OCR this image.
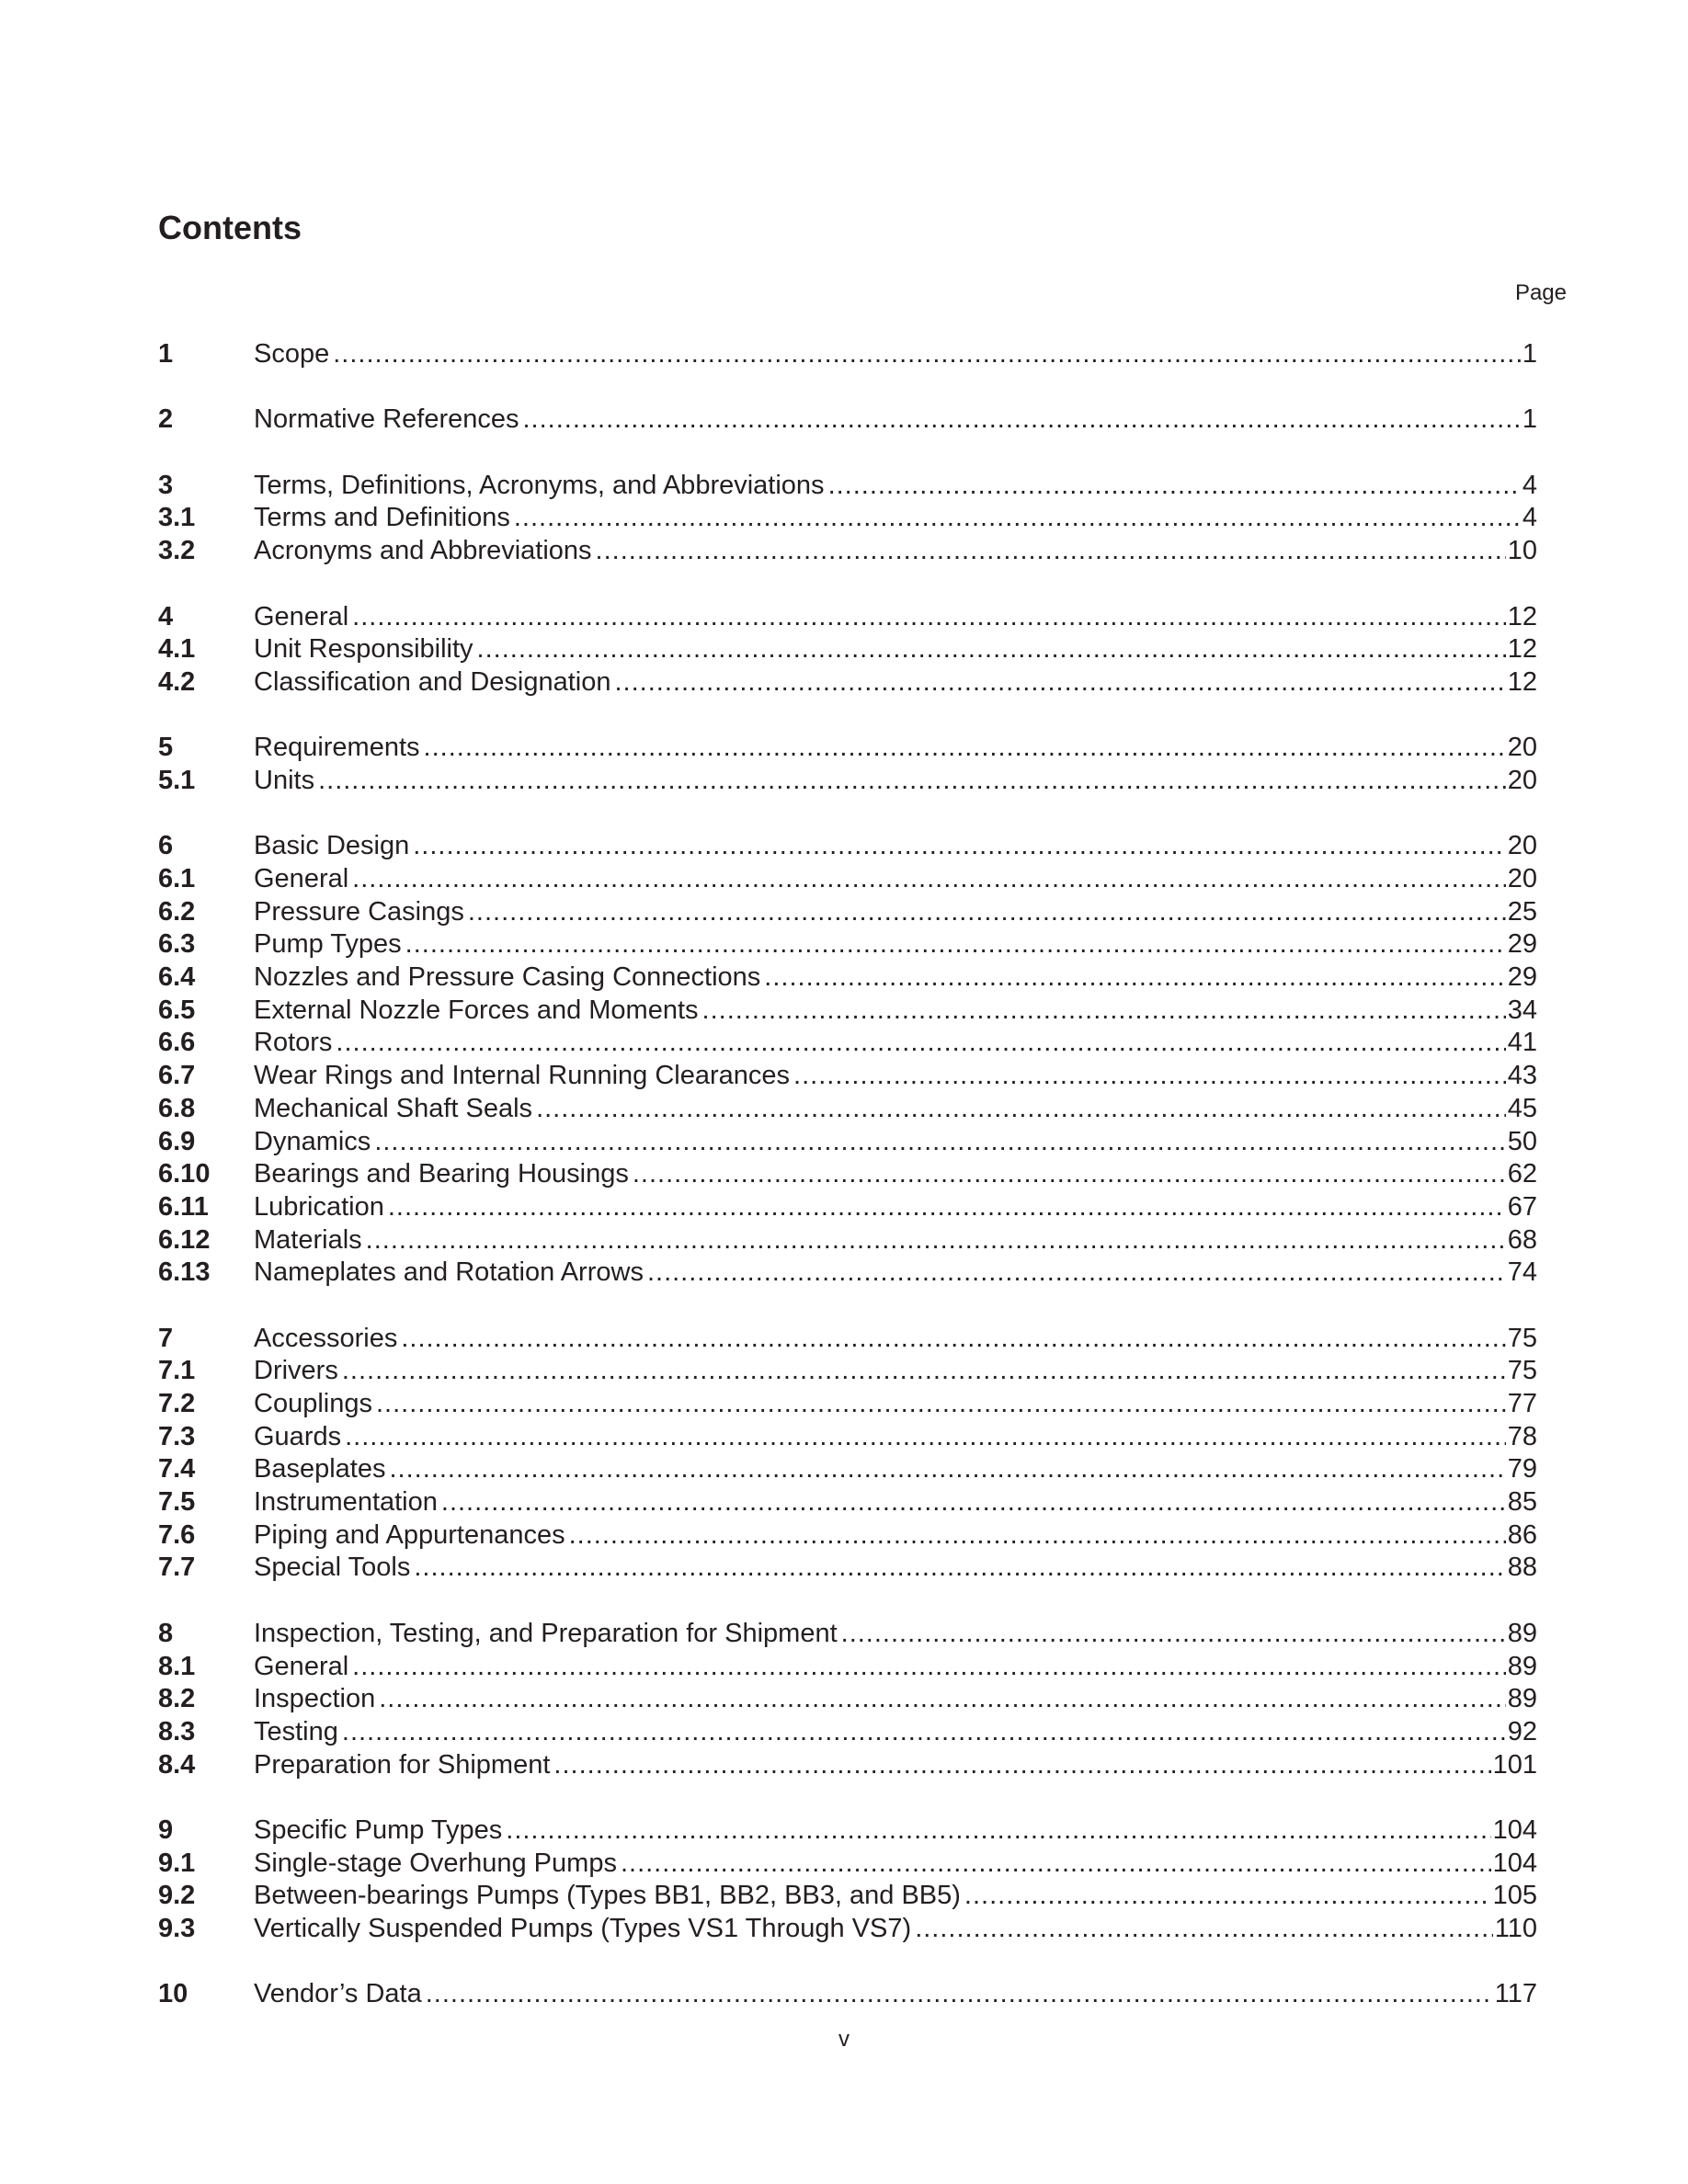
Contents
Page
1	Scope .....	1
2	Normative References .....	1
3	Terms, Definitions, Acronyms, and Abbreviations .....	4
3.1	Terms and Definitions .....	4
3.2	Acronyms and Abbreviations .....	10
4	General .....	12
4.1	Unit Responsibility .....	12
4.2	Classification and Designation .....	12
5	Requirements .....	20
5.1	Units .....	20
6	Basic Design .....	20
6.1	General .....	20
6.2	Pressure Casings .....	25
6.3	Pump Types .....	29
6.4	Nozzles and Pressure Casing Connections .....	29
6.5	External Nozzle Forces and Moments .....	34
6.6	Rotors .....	41
6.7	Wear Rings and Internal Running Clearances .....	43
6.8	Mechanical Shaft Seals .....	45
6.9	Dynamics .....	50
6.10	Bearings and Bearing Housings .....	62
6.11	Lubrication .....	67
6.12	Materials .....	68
6.13	Nameplates and Rotation Arrows .....	74
7	Accessories .....	75
7.1	Drivers .....	75
7.2	Couplings .....	77
7.3	Guards .....	78
7.4	Baseplates .....	79
7.5	Instrumentation .....	85
7.6	Piping and Appurtenances .....	86
7.7	Special Tools .....	88
8	Inspection, Testing, and Preparation for Shipment .....	89
8.1	General .....	89
8.2	Inspection .....	89
8.3	Testing .....	92
8.4	Preparation for Shipment .....	101
9	Specific Pump Types .....	104
9.1	Single-stage Overhung Pumps .....	104
9.2	Between-bearings Pumps (Types BB1, BB2, BB3, and BB5) .....	105
9.3	Vertically Suspended Pumps (Types VS1 Through VS7) .....	110
10	Vendor’s Data .....	117
v
